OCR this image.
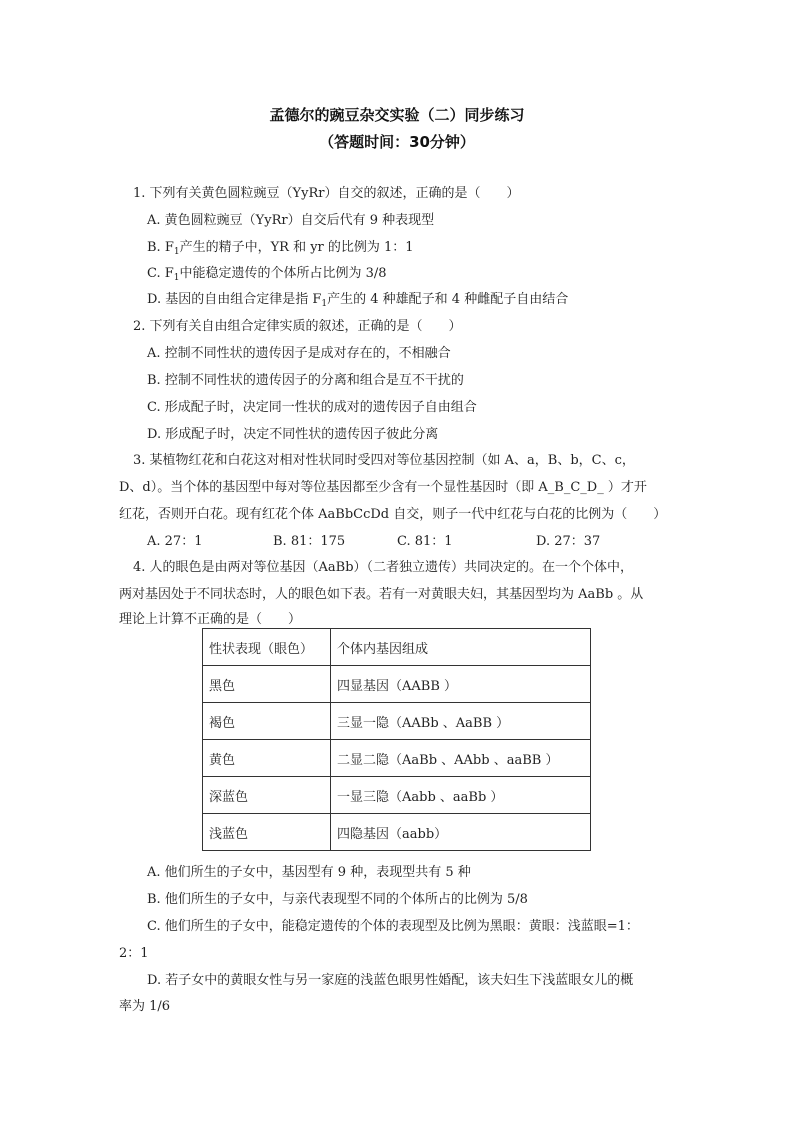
孟德尔的豌豆杂交实验（二）同步练习
（答题时间：30分钟）
1. 下列有关黄色圆粒豌豆（YyRr）自交的叙述，正确的是（　　）
A. 黄色圆粒豌豆（YyRr）自交后代有 9 种表现型
B. $F_1$产生的精子中，YR 和 yr 的比例为 1：1
C. $F_1$中能稳定遗传的个体所占比例为 3/8
D. 基因的自由组合定律是指 $F_1$产生的 4 种雄配子和 4 种雌配子自由结合
2. 下列有关自由组合定律实质的叙述，正确的是（　　）
A. 控制不同性状的遗传因子是成对存在的，不相融合
B. 控制不同性状的遗传因子的分离和组合是互不干扰的
C. 形成配子时，决定同一性状的成对的遗传因子自由组合
D. 形成配子时，决定不同性状的遗传因子彼此分离
3. 某植物红花和白花这对相对性状同时受四对等位基因控制（如 A、a，B、b，C、c，
D、d）。当个体的基因型中每对等位基因都至少含有一个显性基因时（即 A_B_C_D_ ）才开
红花，否则开白花。现有红花个体 AaBbCcDd 自交，则子一代中红花与白花的比例为（　　）
A. 27：1	B. 81：175	C. 81：1	D. 27：37
4. 人的眼色是由两对等位基因（AaBb）（二者独立遗传）共同决定的。在一个个体中，
两对基因处于不同状态时，人的眼色如下表。若有一对黄眼夫妇，其基因型均为 AaBb 。从
理论上计算不正确的是（　　）
性状表现（眼色）	个体内基因组成
黑色	四显基因（AABB ）
褐色	三显一隐（AABb 、AaBB ）
黄色	二显二隐（AaBb 、AAbb 、aaBB ）
深蓝色	一显三隐（Aabb 、aaBb ）
浅蓝色	四隐基因（aabb）
A. 他们所生的子女中，基因型有 9 种，表现型共有 5 种
B. 他们所生的子女中，与亲代表现型不同的个体所占的比例为 5/8
C. 他们所生的子女中，能稳定遗传的个体的表现型及比例为黑眼：黄眼：浅蓝眼=1：
2：1
D. 若子女中的黄眼女性与另一家庭的浅蓝色眼男性婚配，该夫妇生下浅蓝眼女儿的概
率为 1/6
